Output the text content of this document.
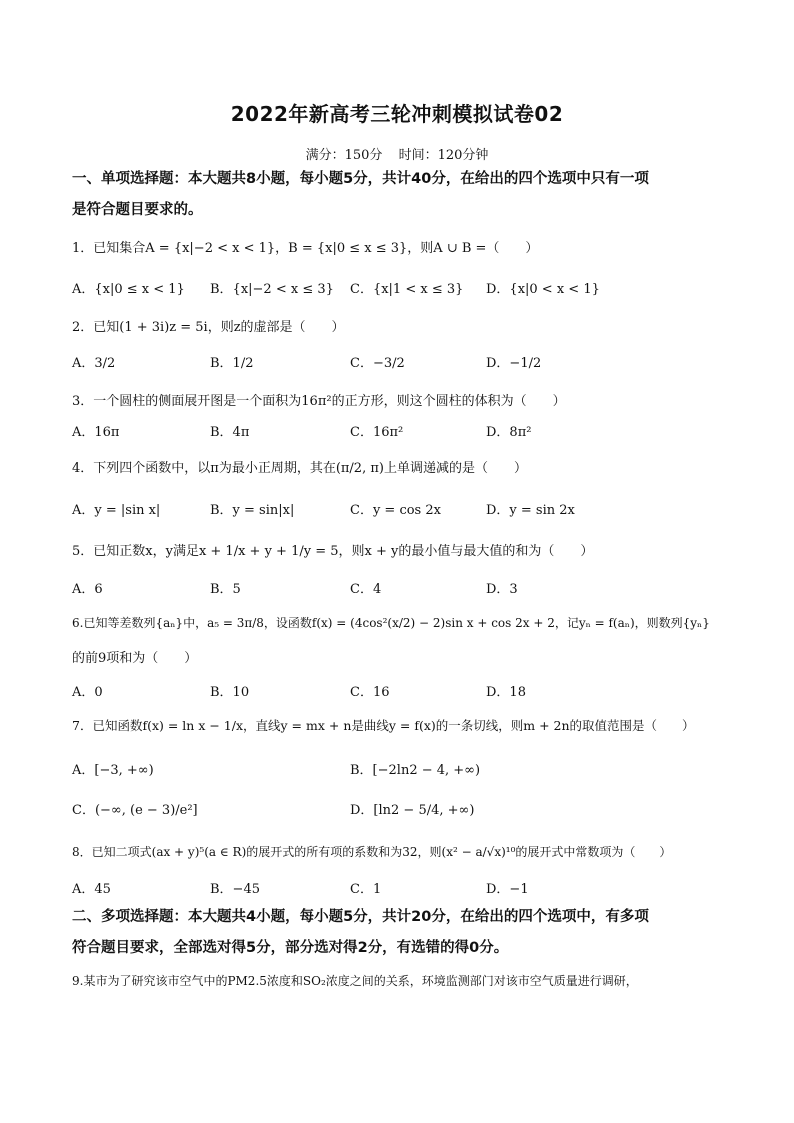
2022年新高考三轮冲刺模拟试卷02
满分：150分 时间：120分钟
一、单项选择题：本大题共8小题，每小题5分，共计40分，在给出的四个选项中只有一项
是符合题目要求的。
1．已知集合A = {x|−2 < x < 1}，B = {x|0 ≤ x ≤ 3}，则A ∪ B =（　　）
A．{x|0 ≤ x < 1} B．{x|−2 < x ≤ 3} C．{x|1 < x ≤ 3} D．{x|0 < x < 1}
2．已知(1 + 3i)z = 5i，则z的虚部是（　　）
A．3/2	B．1/2	C．−3/2	D．−1/2
3．一个圆柱的侧面展开图是一个面积为16π²的正方形，则这个圆柱的体积为（　　）
A．16π	B．4π	C．16π²	D．8π²
4．下列四个函数中，以π为最小正周期，其在(π/2, π)上单调递减的是（　　）
A．y = |sin x|	B．y = sin|x|	C．y = cos 2x	D．y = sin 2x
5．已知正数x，y满足x + 1/x + y + 1/y = 5，则x + y的最小值与最大值的和为（　　）
A．6	B．5	C．4	D．3
6.已知等差数列{aₙ}中，a₅ = 3π/8，设函数f(x) = (4cos²(x/2) − 2)sin x + cos 2x + 2，记yₙ = f(aₙ)，则数列{yₙ}
的前9项和为（　　）
A．0	B．10	C．16	D．18
7．已知函数f(x) = ln x − 1/x，直线y = mx + n是曲线y = f(x)的一条切线，则m + 2n的取值范围是（　　）
A．[−3, +∞)	B．[−2ln2 − 4, +∞)
C．(−∞, (e − 3)/e²]	D．[ln2 − 5/4, +∞)
8．已知二项式(ax + y)⁵(a ∈ R)的展开式的所有项的系数和为32，则(x² − a/√x)¹⁰的展开式中常数项为（　　）
A．45	B．−45	C．1	D．−1
二、多项选择题：本大题共4小题，每小题5分，共计20分，在给出的四个选项中，有多项
符合题目要求，全部选对得5分，部分选对得2分，有选错的得0分。
9.某市为了研究该市空气中的PM2.5浓度和SO₂浓度之间的关系，环境监测部门对该市空气质量进行调研，
